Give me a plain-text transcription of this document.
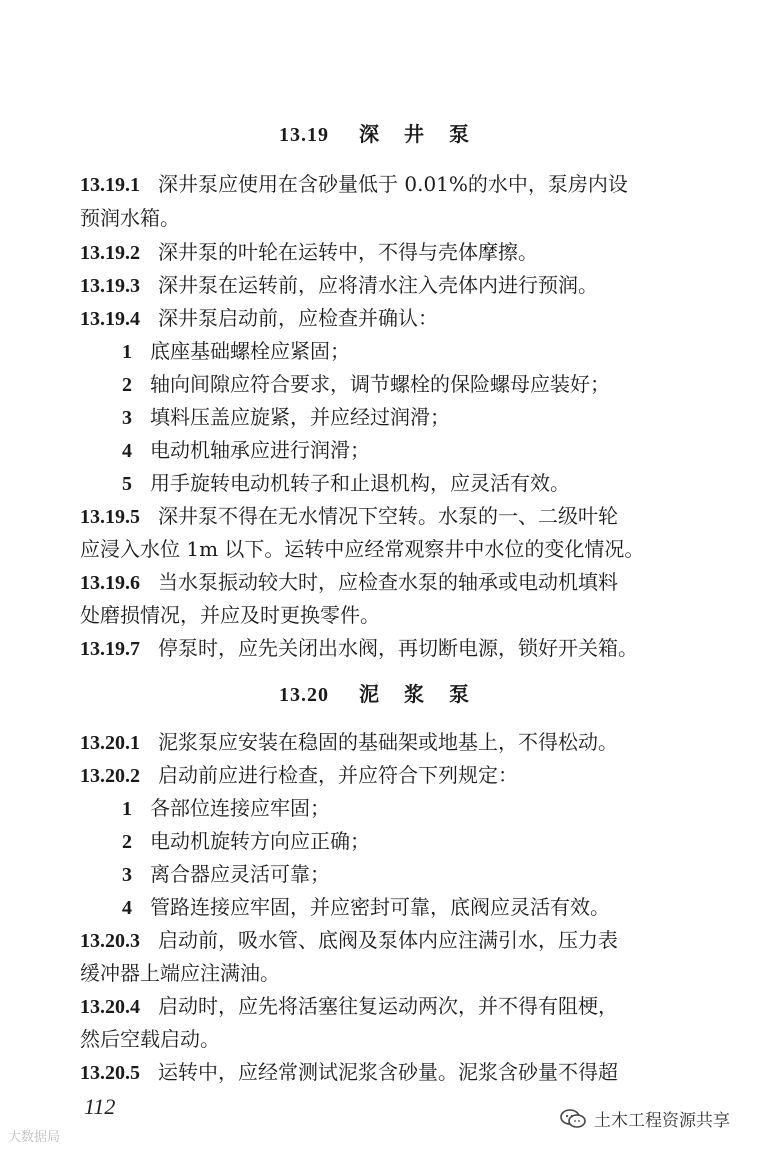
13.19 深 井 泵
13.19.1 深井泵应使用在含砂量低于 0.01%的水中，泵房内设
预润水箱。
13.19.2 深井泵的叶轮在运转中，不得与壳体摩擦。
13.19.3 深井泵在运转前，应将清水注入壳体内进行预润。
13.19.4 深井泵启动前，应检查并确认：
1 底座基础螺栓应紧固；
2 轴向间隙应符合要求，调节螺栓的保险螺母应装好；
3 填料压盖应旋紧，并应经过润滑；
4 电动机轴承应进行润滑；
5 用手旋转电动机转子和止退机构，应灵活有效。
13.19.5 深井泵不得在无水情况下空转。水泵的一、二级叶轮
应浸入水位 1m 以下。运转中应经常观察井中水位的变化情况。
13.19.6 当水泵振动较大时，应检查水泵的轴承或电动机填料
处磨损情况，并应及时更换零件。
13.19.7 停泵时，应先关闭出水阀，再切断电源，锁好开关箱。
13.20 泥 浆 泵
13.20.1 泥浆泵应安装在稳固的基础架或地基上，不得松动。
13.20.2 启动前应进行检查，并应符合下列规定：
1 各部位连接应牢固；
2 电动机旋转方向应正确；
3 离合器应灵活可靠；
4 管路连接应牢固，并应密封可靠，底阀应灵活有效。
13.20.3 启动前，吸水管、底阀及泵体内应注满引水，压力表
缓冲器上端应注满油。
13.20.4 启动时，应先将活塞往复运动两次，并不得有阻梗，
然后空载启动。
13.20.5 运转中，应经常测试泥浆含砂量。泥浆含砂量不得超
112
大数据局
土木工程资源共享
